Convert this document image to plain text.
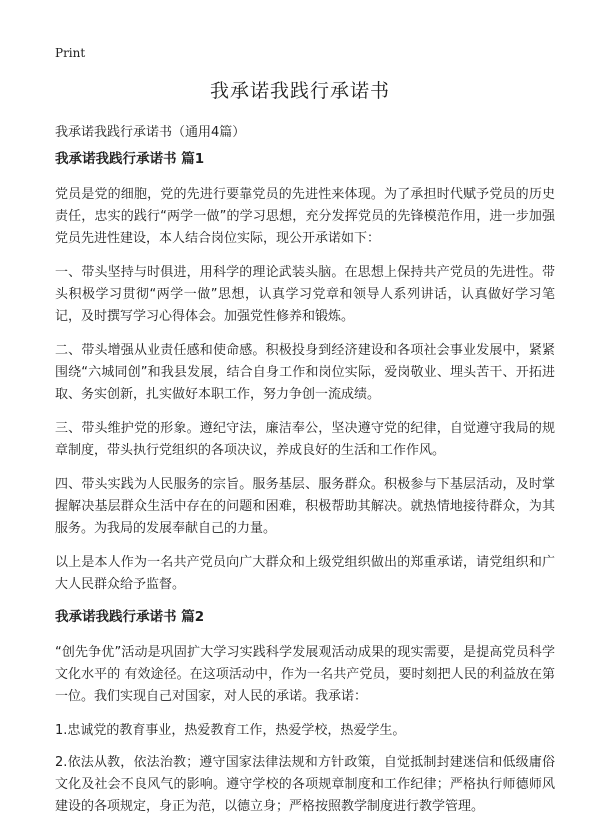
Print
我承诺我践行承诺书

我承诺我践行承诺书（通用4篇）

我承诺我践行承诺书 篇1

党员是党的细胞，党的先进行要靠党员的先进性来体现。为了承担时代赋予党员的历史责任，忠实的践行“两学一做”的学习思想，充分发挥党员的先锋模范作用，进一步加强党员先进性建设，本人结合岗位实际，现公开承诺如下：

一、带头坚持与时俱进，用科学的理论武装头脑。在思想上保持共产党员的先进性。带头积极学习贯彻“两学一做”思想，认真学习党章和领导人系列讲话，认真做好学习笔记，及时撰写学习心得体会。加强党性修养和锻炼。

二、带头增强从业责任感和使命感。积极投身到经济建设和各项社会事业发展中，紧紧围绕“六城同创”和我县发展，结合自身工作和岗位实际，爱岗敬业、埋头苦干、开拓进取、务实创新，扎实做好本职工作，努力争创一流成绩。

三、带头维护党的形象。遵纪守法，廉洁奉公，坚决遵守党的纪律，自觉遵守我局的规章制度，带头执行党组织的各项决议，养成良好的生活和工作作风。

四、带头实践为人民服务的宗旨。服务基层、服务群众。积极参与下基层活动，及时掌握解决基层群众生活中存在的问题和困难，积极帮助其解决。就热情地接待群众，为其服务。为我局的发展奉献自己的力量。

以上是本人作为一名共产党员向广大群众和上级党组织做出的郑重承诺，请党组织和广大人民群众给予监督。

我承诺我践行承诺书 篇2

“创先争优”活动是巩固扩大学习实践科学发展观活动成果的现实需要，是提高党员科学文化水平的 有效途径。在这项活动中，作为一名共产党员，要时刻把人民的利益放在第一位。我们实现自己对国家，对人民的承诺。我承诺：

1.忠诚党的教育事业，热爱教育工作，热爱学校，热爱学生。

2.依法从教，依法治教；遵守国家法律法规和方针政策，自觉抵制封建迷信和低级庸俗文化及社会不良风气的影响。遵守学校的各项规章制度和工作纪律；严格执行师德师风建设的各项规定，身正为范，以德立身；严格按照教学制度进行教学管理。
